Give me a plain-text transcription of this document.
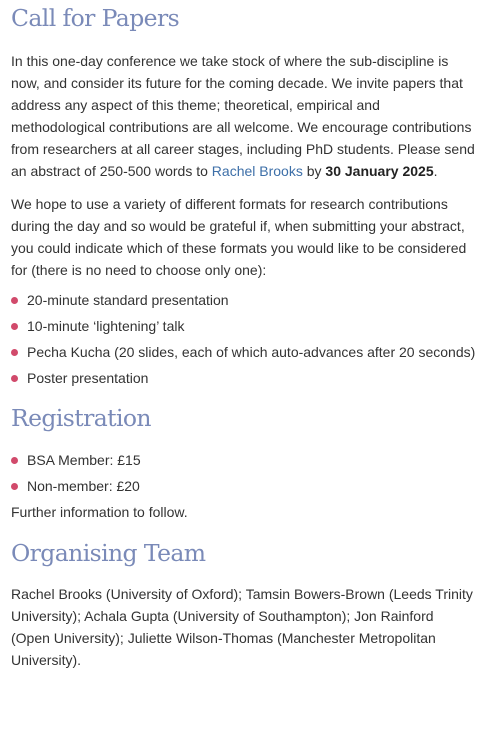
Call for Papers

In this one-day conference we take stock of where the sub-discipline is now, and consider its future for the coming decade. We invite papers that address any aspect of this theme; theoretical, empirical and methodological contributions are all welcome. We encourage contributions from researchers at all career stages, including PhD students. Please send an abstract of 250-500 words to Rachel Brooks by 30 January 2025.

We hope to use a variety of different formats for research contributions during the day and so would be grateful if, when submitting your abstract, you could indicate which of these formats you would like to be considered for (there is no need to choose only one):

20-minute standard presentation
10-minute ‘lightening’ talk
Pecha Kucha (20 slides, each of which auto-advances after 20 seconds)
Poster presentation
Registration
BSA Member: £15
Non-member: £20

Further information to follow.

Organising Team

Rachel Brooks (University of Oxford); Tamsin Bowers-Brown (Leeds Trinity University); Achala Gupta (University of Southampton); Jon Rainford (Open University); Juliette Wilson-Thomas (Manchester Metropolitan University).
